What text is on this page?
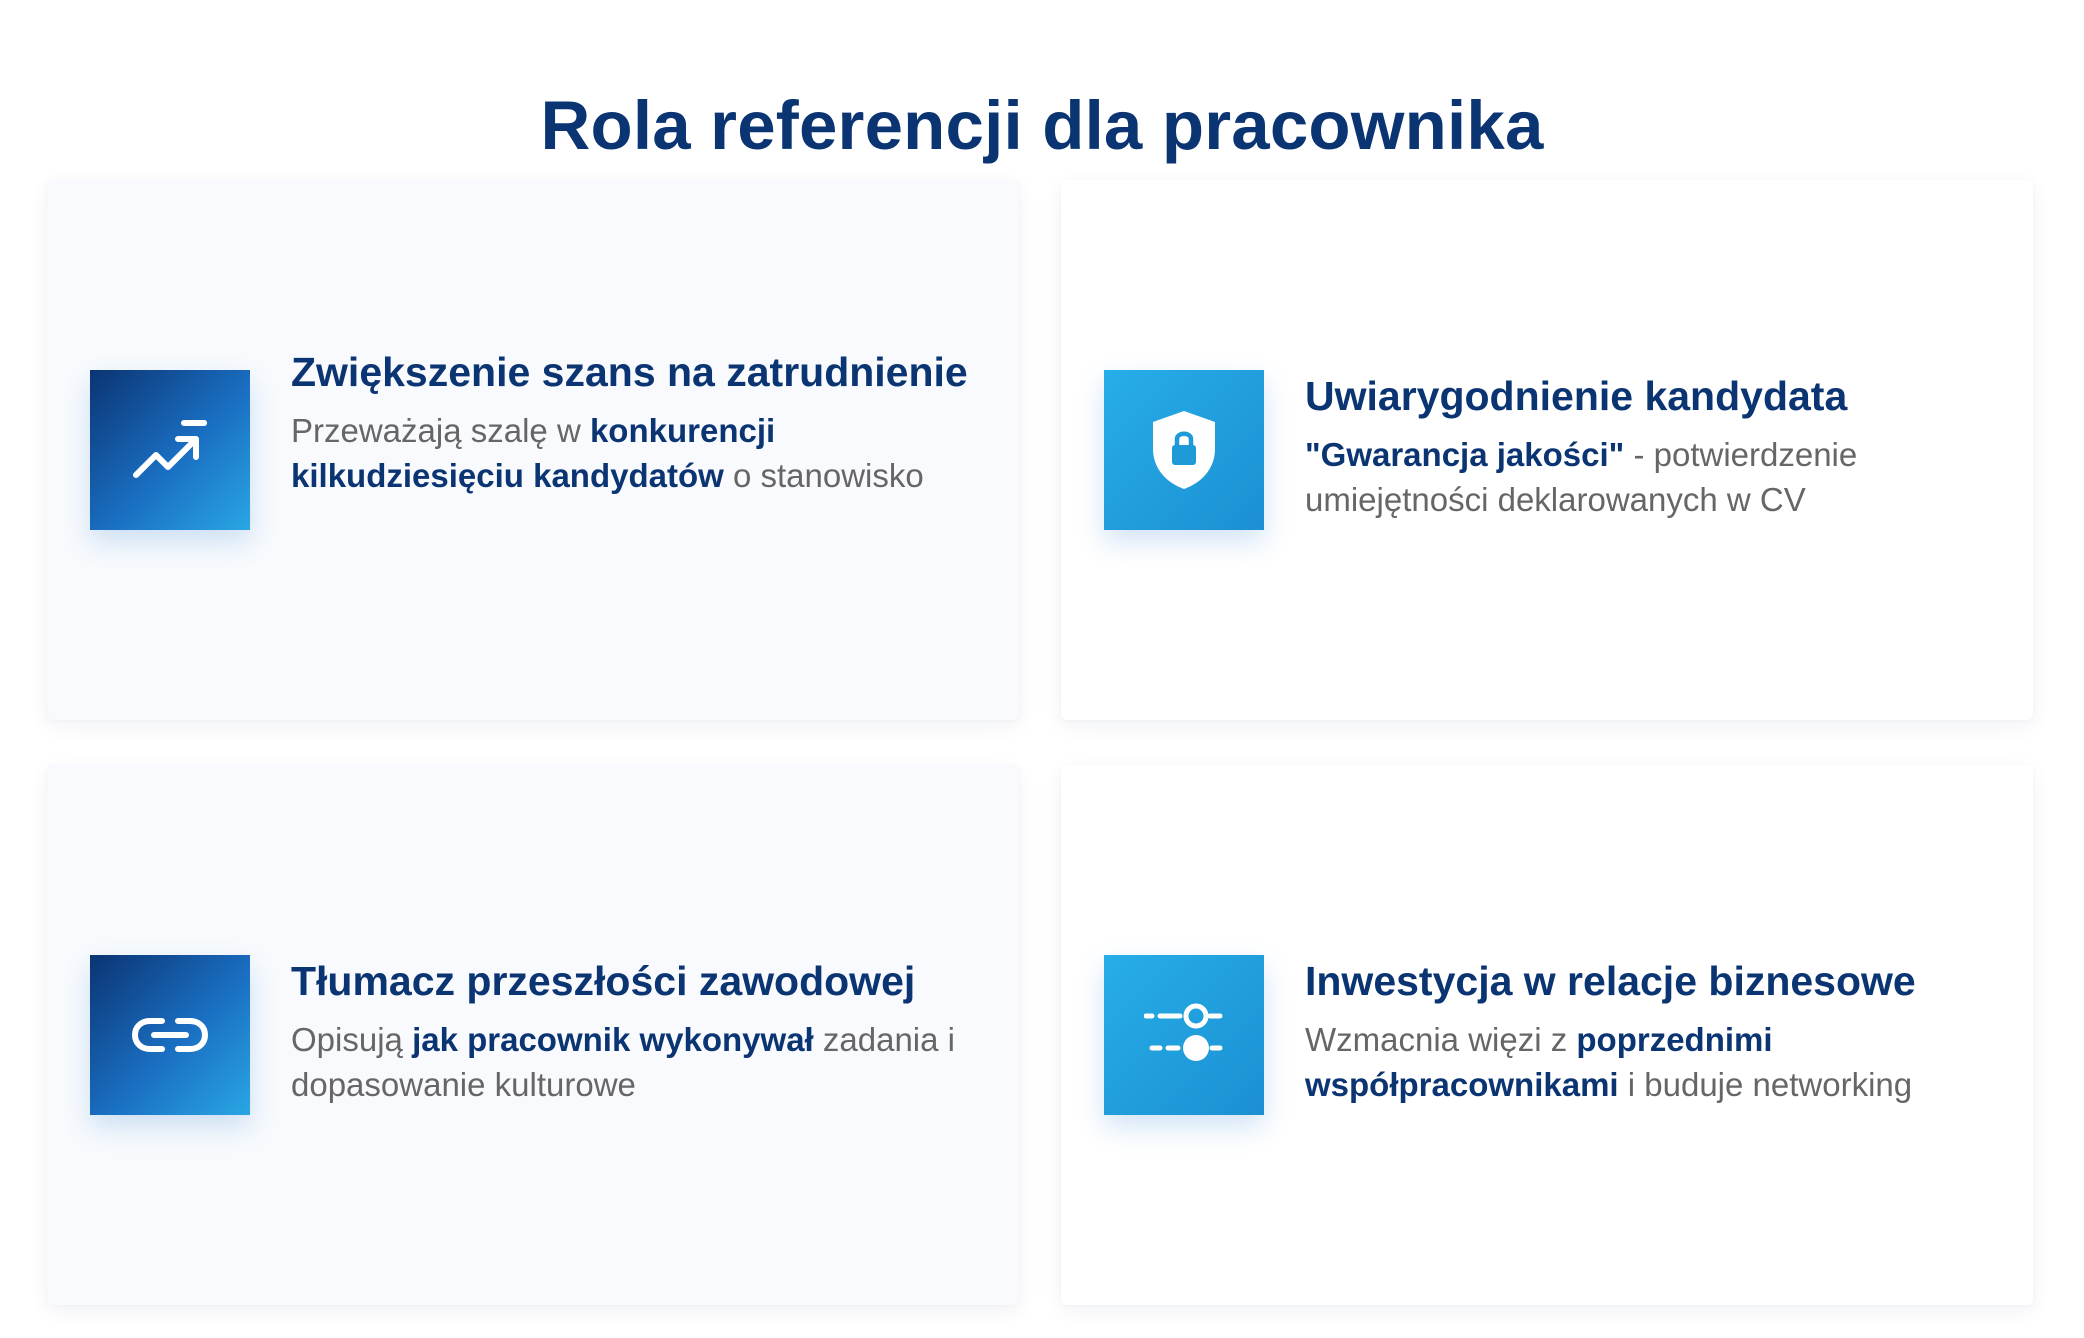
Rola referencji dla pracownika
Zwiększenie szans na zatrudnienie

Przeważają szalę w konkurencji kilkudziesięciu kandydatów o stanowisko

Uwiarygodnienie kandydata

"Gwarancja jakości" - potwierdzenie umiejętności deklarowanych w CV

Tłumacz przeszłości zawodowej

Opisują jak pracownik wykonywał zadania i dopasowanie kulturowe

Inwestycja w relacje biznesowe

Wzmacnia więzi z poprzednimi współpracownikami i buduje networking
